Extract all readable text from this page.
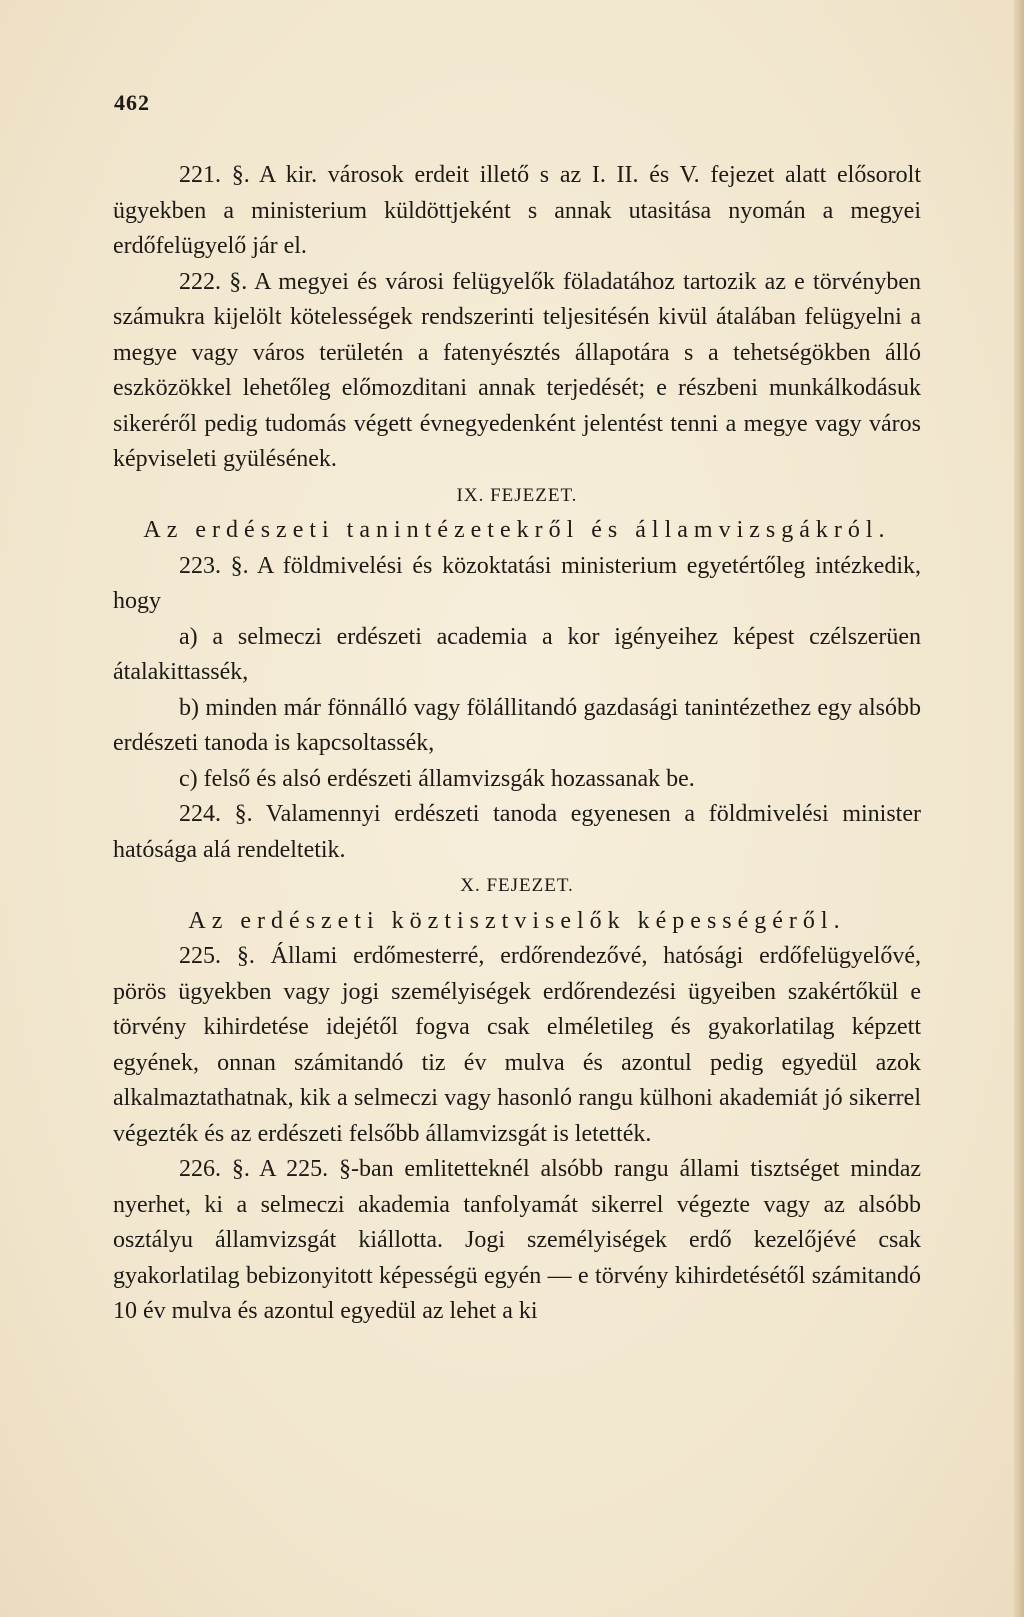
462

221. §. A kir. városok erdeit illető s az I. II. és V. fejezet alatt elősorolt ügyekben a ministerium küldöttjeként s annak utasitása nyomán a megyei erdőfelügyelő jár el.

222. §. A megyei és városi felügyelők föladatához tartozik az e törvényben számukra kijelölt kötelességek rendszerinti teljesitésén kivül átalában felügyelni a megye vagy város területén a fatenyésztés állapotára s a tehetségökben álló eszközökkel lehetőleg előmozditani annak terjedését; e részbeni munkálkodásuk sikeréről pedig tudomás végett évnegyedenként jelentést tenni a megye vagy város képviseleti gyülésének.

IX. FEJEZET.

Az erdészeti tanintézetekről és államvizsgákról.

223. §. A földmivelési és közoktatási ministerium egyetértőleg intézkedik, hogy

a) a selmeczi erdészeti academia a kor igényeihez képest czélszerüen átalakittassék,

b) minden már fönnálló vagy fölállitandó gazdasági tanintézethez egy alsóbb erdészeti tanoda is kapcsoltassék,

c) felső és alsó erdészeti államvizsgák hozassanak be.

224. §. Valamennyi erdészeti tanoda egyenesen a földmivelési minister hatósága alá rendeltetik.

X. FEJEZET.

Az erdészeti köztisztviselők képességéről.

225. §. Állami erdőmesterré, erdőrendezővé, hatósági erdőfelügyelővé, pörös ügyekben vagy jogi személyiségek erdőrendezési ügyeiben szakértőkül e törvény kihirdetése idejétől fogva csak elméletileg és gyakorlatilag képzett egyének, onnan számitandó tiz év mulva és azontul pedig egyedül azok alkalmaztathatnak, kik a selmeczi vagy hasonló rangu külhoni akademiát jó sikerrel végezték és az erdészeti felsőbb államvizsgát is letették.

226. §. A 225. §-ban emlitetteknél alsóbb rangu állami tisztséget mindaz nyerhet, ki a selmeczi akademia tanfolyamát sikerrel végezte vagy az alsóbb osztályu államvizsgát kiállotta. Jogi személyiségek erdő kezelőjévé csak gyakorlatilag bebizonyitott képességü egyén — e törvény kihirdetésétől számitandó 10 év mulva és azontul egyedül az lehet a ki
